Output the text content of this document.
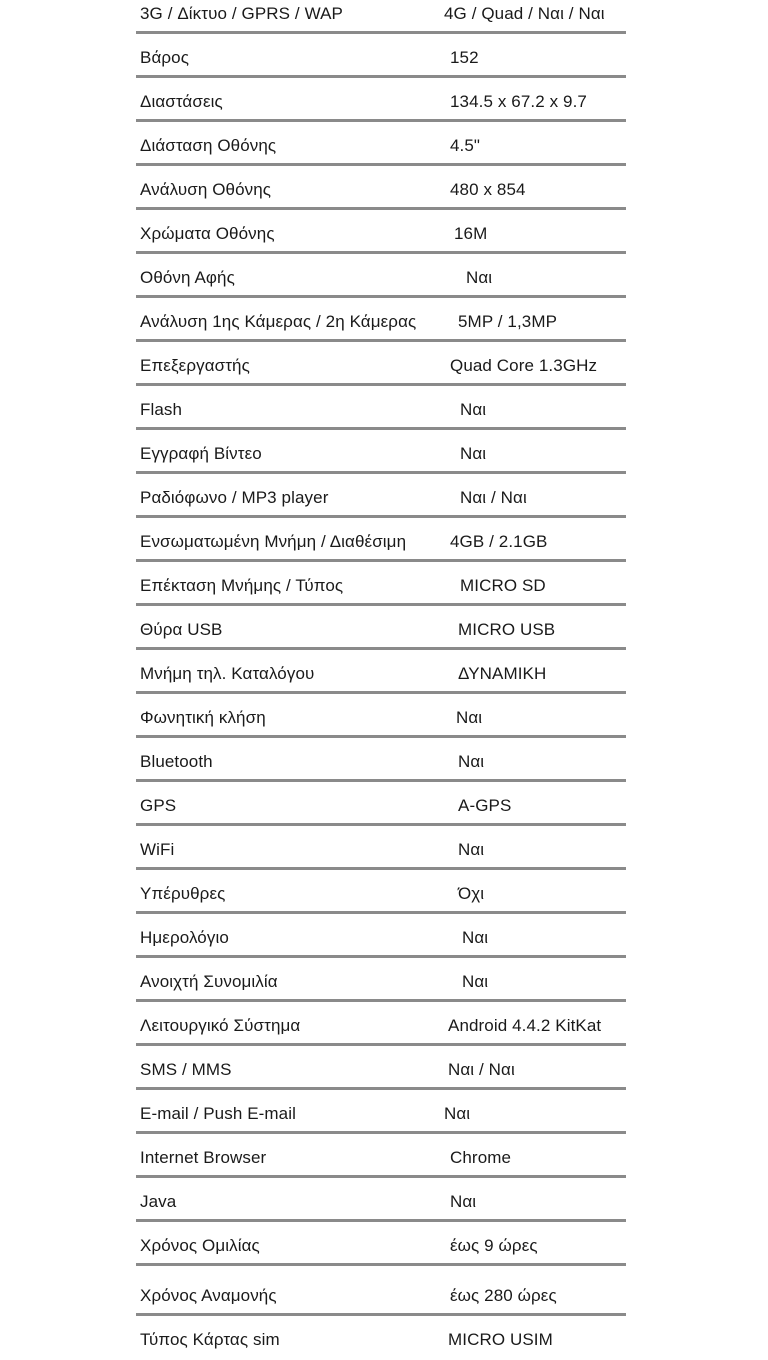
3G / Δίκτυο / GPRS / WAP	4G / Quad / Ναι / Ναι
Βάρος	152
Διαστάσεις	134.5 x 67.2 x 9.7
Διάσταση Οθόνης	4.5"
Ανάλυση Οθόνης	480 x 854
Χρώματα Οθόνης	16M
Οθόνη Αφής	Ναι
Ανάλυση 1ης Κάμερας / 2η Κάμερας 5MP / 1,3MP
Επεξεργαστής	Quad Core 1.3GHz
Flash	Ναι
Εγγραφή Βίντεο	Ναι
Ραδιόφωνο / MP3 player	Ναι / Ναι
Ενσωματωμένη Μνήμη / Διαθέσιμη	4GB / 2.1GB
Επέκταση Μνήμης / Τύπος	MICRO SD
Θύρα USB	MICRO USB
Μνήμη τηλ. Καταλόγου	ΔΥΝΑΜΙΚΗ
Φωνητική κλήση	Ναι
Bluetooth	Ναι
GPS	A-GPS
WiFi	Ναι
Υπέρυθρες	Όχι
Ημερολόγιο	Ναι
Ανοιχτή Συνομιλία	Ναι
Λειτουργικό Σύστημα	Android 4.4.2 KitKat
SMS / MMS	Ναι / Ναι
E-mail / Push E-mail	Ναι
Internet Browser	Chrome
Java	Ναι
Χρόνος Ομιλίας	έως 9 ώρες
Χρόνος Αναμονής	έως 280 ώρες
Τύπος Κάρτας sim	MICRO USIM
